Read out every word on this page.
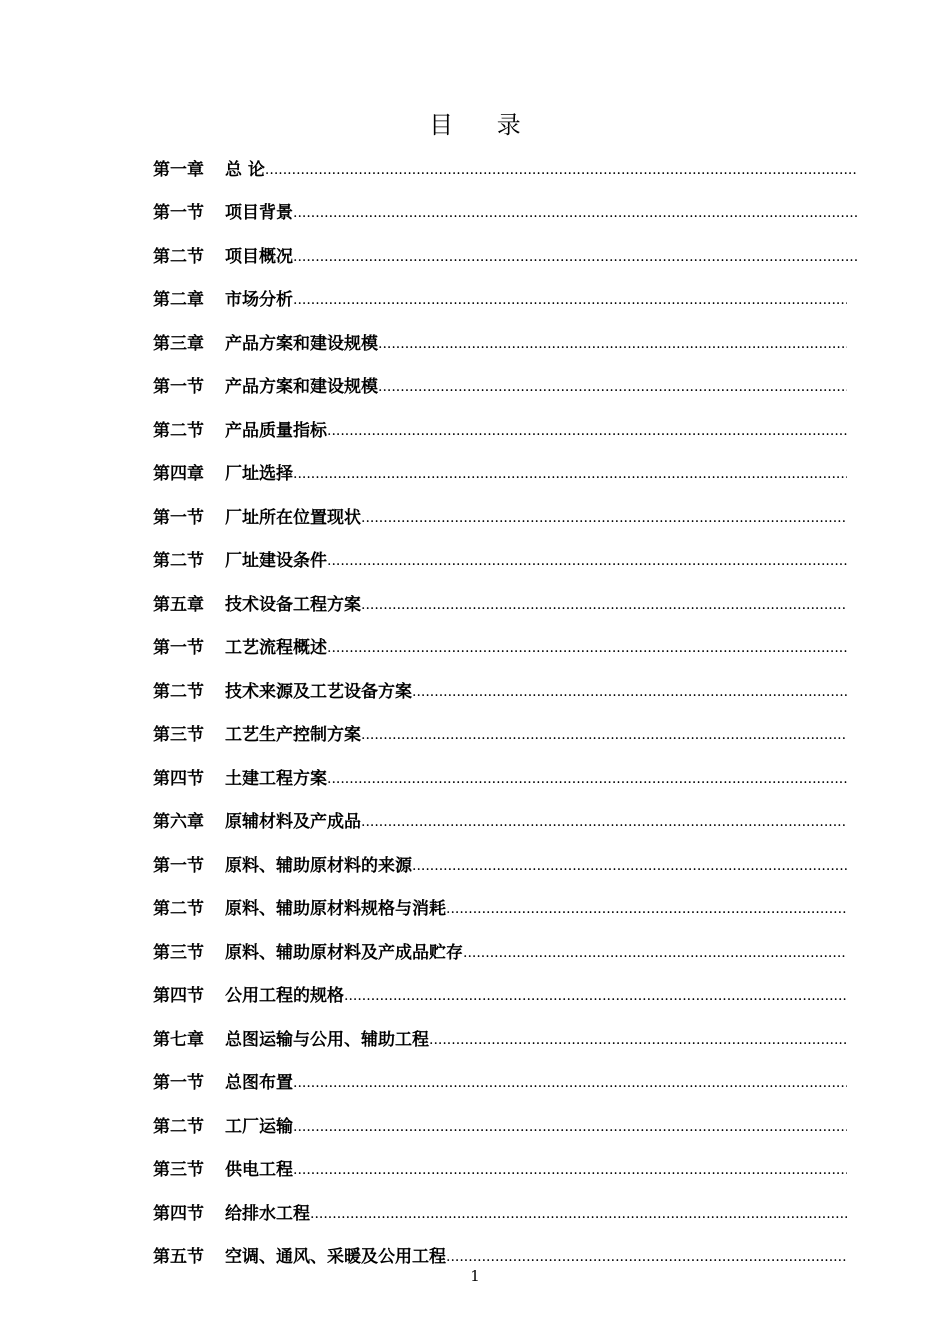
目 录
第一章	总 论
.....
第一节	项目背景
.....
第二节	项目概况
.....
第二章	市场分析
.....
第三章	产品方案和建设规模
.....
第一节	产品方案和建设规模
.....
第二节	产品质量指标
.....
第四章	厂址选择
.....
第一节	厂址所在位置现状
.....
第二节	厂址建设条件
.....
第五章	技术设备工程方案
.....
第一节	工艺流程概述
.....
第二节	技术来源及工艺设备方案
.....
第三节	工艺生产控制方案
.....
第四节	土建工程方案
.....
第六章	原辅材料及产成品
.....
第一节	原料、辅助原材料的来源
.....
第二节	原料、辅助原材料规格与消耗
.....
第三节	原料、辅助原材料及产成品贮存
.....
第四节	公用工程的规格
.....
第七章	总图运输与公用、辅助工程
.....
第一节	总图布置
.....
第二节	工厂运输
.....
第三节	供电工程
.....
第四节	给排水工程
.....
第五节	空调、通风、采暖及公用工程
.....
1
